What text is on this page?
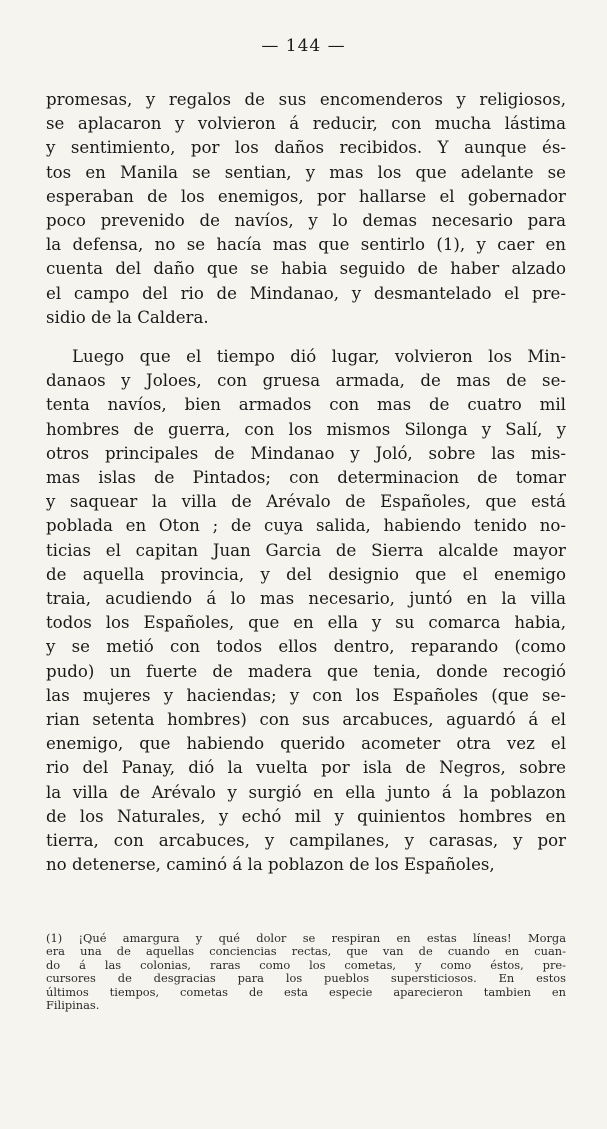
— 144 —
promesas, y regalos de sus encomenderos y religiosos,
se aplacaron y volvieron á reducir, con mucha lástima
y sentimiento, por los daños recibidos. Y aunque és-
tos en Manila se sentian, y mas los que adelante se
esperaban de los enemigos, por hallarse el gobernador
poco prevenido de navíos, y lo demas necesario para
la defensa, no se hacía mas que sentirlo (1), y caer en
cuenta del daño que se habia seguido de haber alzado
el campo del rio de Mindanao, y desmantelado el pre-
sidio de la Caldera.
Luego que el tiempo dió lugar, volvieron los Min-
danaos y Joloes, con gruesa armada, de mas de se-
tenta navíos, bien armados con mas de cuatro mil
hombres de guerra, con los mismos Silonga y Salí, y
otros principales de Mindanao y Joló, sobre las mis-
mas islas de Pintados; con determinacion de tomar
y saquear la villa de Arévalo de Españoles, que está
poblada en Oton ; de cuya salida, habiendo tenido no-
ticias el capitan Juan Garcia de Sierra alcalde mayor
de aquella provincia, y del designio que el enemigo
traia, acudiendo á lo mas necesario, juntó en la villa
todos los Españoles, que en ella y su comarca habia,
y se metió con todos ellos dentro, reparando (como
pudo) un fuerte de madera que tenia, donde recogió
las mujeres y haciendas; y con los Españoles (que se-
rian setenta hombres) con sus arcabuces, aguardó á el
enemigo, que habiendo querido acometer otra vez el
rio del Panay, dió la vuelta por isla de Negros, sobre
la villa de Arévalo y surgió en ella junto á la poblazon
de los Naturales, y echó mil y quinientos hombres en
tierra, con arcabuces, y campilanes, y carasas, y por
no detenerse, caminó á la poblazon de los Españoles,
(1) ¡Qué amargura y qué dolor se respiran en estas líneas! Morga
era una de aquellas conciencias rectas, que van de cuando en cuan-
do á las colonias, raras como los cometas, y como éstos, pre-
cursores de desgracias para los pueblos supersticiosos. En estos
últimos tiempos, cometas de esta especie aparecieron tambien en
Filipinas.
